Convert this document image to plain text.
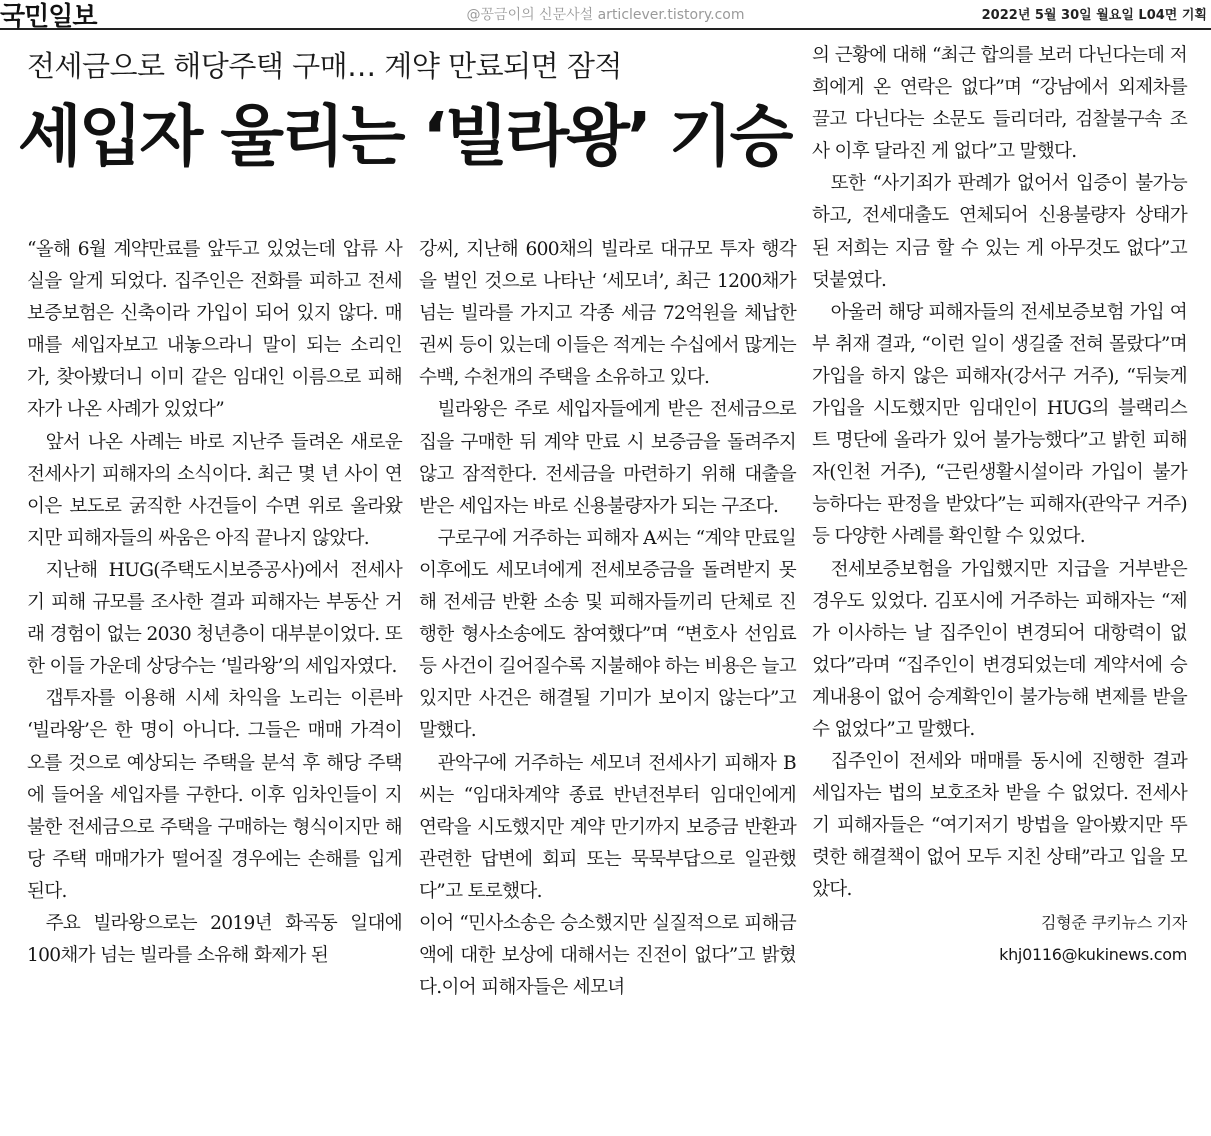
국민일보	@꽁금이의 신문사설 articlever.tistory.com	2022년 5월 30일 월요일 L04면 기획
전세금으로 해당주택 구매… 계약 만료되면 잠적
세입자 울리는 ‘빌라왕’ 기승

“올해 6월 계약만료를 앞두고 있었는데 압류 사실을 알게 되었다. 집주인은 전화를 피하고 전세보증보험은 신축이라 가입이 되어 있지 않다. 매매를 세입자보고 내놓으라니 말이 되는 소리인가, 찾아봤더니 이미 같은 임대인 이름으로 피해자가 나온 사례가 있었다”

앞서 나온 사례는 바로 지난주 들려온 새로운 전세사기 피해자의 소식이다. 최근 몇 년 사이 연이은 보도로 굵직한 사건들이 수면 위로 올라왔지만 피해자들의 싸움은 아직 끝나지 않았다.

지난해 HUG(주택도시보증공사)에서 전세사기 피해 규모를 조사한 결과 피해자는 부동산 거래 경험이 없는 2030 청년층이 대부분이었다. 또한 이들 가운데 상당수는 ‘빌라왕’의 세입자였다.

갭투자를 이용해 시세 차익을 노리는 이른바 ‘빌라왕’은 한 명이 아니다. 그들은 매매 가격이 오를 것으로 예상되는 주택을 분석 후 해당 주택에 들어올 세입자를 구한다. 이후 임차인들이 지불한 전세금으로 주택을 구매하는 형식이지만 해당 주택 매매가가 떨어질 경우에는 손해를 입게 된다.

주요 빌라왕으로는 2019년 화곡동 일대에 100채가 넘는 빌라를 소유해 화제가 된

강씨, 지난해 600채의 빌라로 대규모 투자 행각을 벌인 것으로 나타난 ‘세모녀’, 최근 1200채가 넘는 빌라를 가지고 각종 세금 72억원을 체납한 권씨 등이 있는데 이들은 적게는 수십에서 많게는 수백, 수천개의 주택을 소유하고 있다.

빌라왕은 주로 세입자들에게 받은 전세금으로 집을 구매한 뒤 계약 만료 시 보증금을 돌려주지 않고 잠적한다. 전세금을 마련하기 위해 대출을 받은 세입자는 바로 신용불량자가 되는 구조다.

구로구에 거주하는 피해자 A씨는 “계약 만료일 이후에도 세모녀에게 전세보증금을 돌려받지 못해 전세금 반환 소송 및 피해자들끼리 단체로 진행한 형사소송에도 참여했다”며 “변호사 선임료 등 사건이 길어질수록 지불해야 하는 비용은 늘고 있지만 사건은 해결될 기미가 보이지 않는다”고 말했다.

관악구에 거주하는 세모녀 전세사기 피해자 B씨는 “임대차계약 종료 반년전부터 임대인에게 연락을 시도했지만 계약 만기까지 보증금 반환과 관련한 답변에 회피 또는 묵묵부답으로 일관했다”고 토로했다.

이어 “민사소송은 승소했지만 실질적으로 피해금액에 대한 보상에 대해서는 진전이 없다”고 밝혔다.이어 피해자들은 세모녀

의 근황에 대해 “최근 합의를 보러 다닌다는데 저희에게 온 연락은 없다”며 “강남에서 외제차를 끌고 다닌다는 소문도 들리더라, 검찰불구속 조사 이후 달라진 게 없다”고 말했다.

또한 “사기죄가 판례가 없어서 입증이 불가능하고, 전세대출도 연체되어 신용불량자 상태가 된 저희는 지금 할 수 있는 게 아무것도 없다”고 덧붙였다.

아울러 해당 피해자들의 전세보증보험 가입 여부 취재 결과, “이런 일이 생길줄 전혀 몰랐다”며 가입을 하지 않은 피해자(강서구 거주), “뒤늦게 가입을 시도했지만 임대인이 HUG의 블랙리스트 명단에 올라가 있어 불가능했다”고 밝힌 피해자(인천 거주), “근린생활시설이라 가입이 불가능하다는 판정을 받았다”는 피해자(관악구 거주) 등 다양한 사례를 확인할 수 있었다.

전세보증보험을 가입했지만 지급을 거부받은 경우도 있었다. 김포시에 거주하는 피해자는 “제가 이사하는 날 집주인이 변경되어 대항력이 없었다”라며 “집주인이 변경되었는데 계약서에 승계내용이 없어 승계확인이 불가능해 변제를 받을 수 없었다”고 말했다.

집주인이 전세와 매매를 동시에 진행한 결과 세입자는 법의 보호조차 받을 수 없었다. 전세사기 피해자들은 “여기저기 방법을 알아봤지만 뚜렷한 해결책이 없어 모두 지친 상태”라고 입을 모았다.

김형준 쿠키뉴스 기자

khj0116@kukinews.com
